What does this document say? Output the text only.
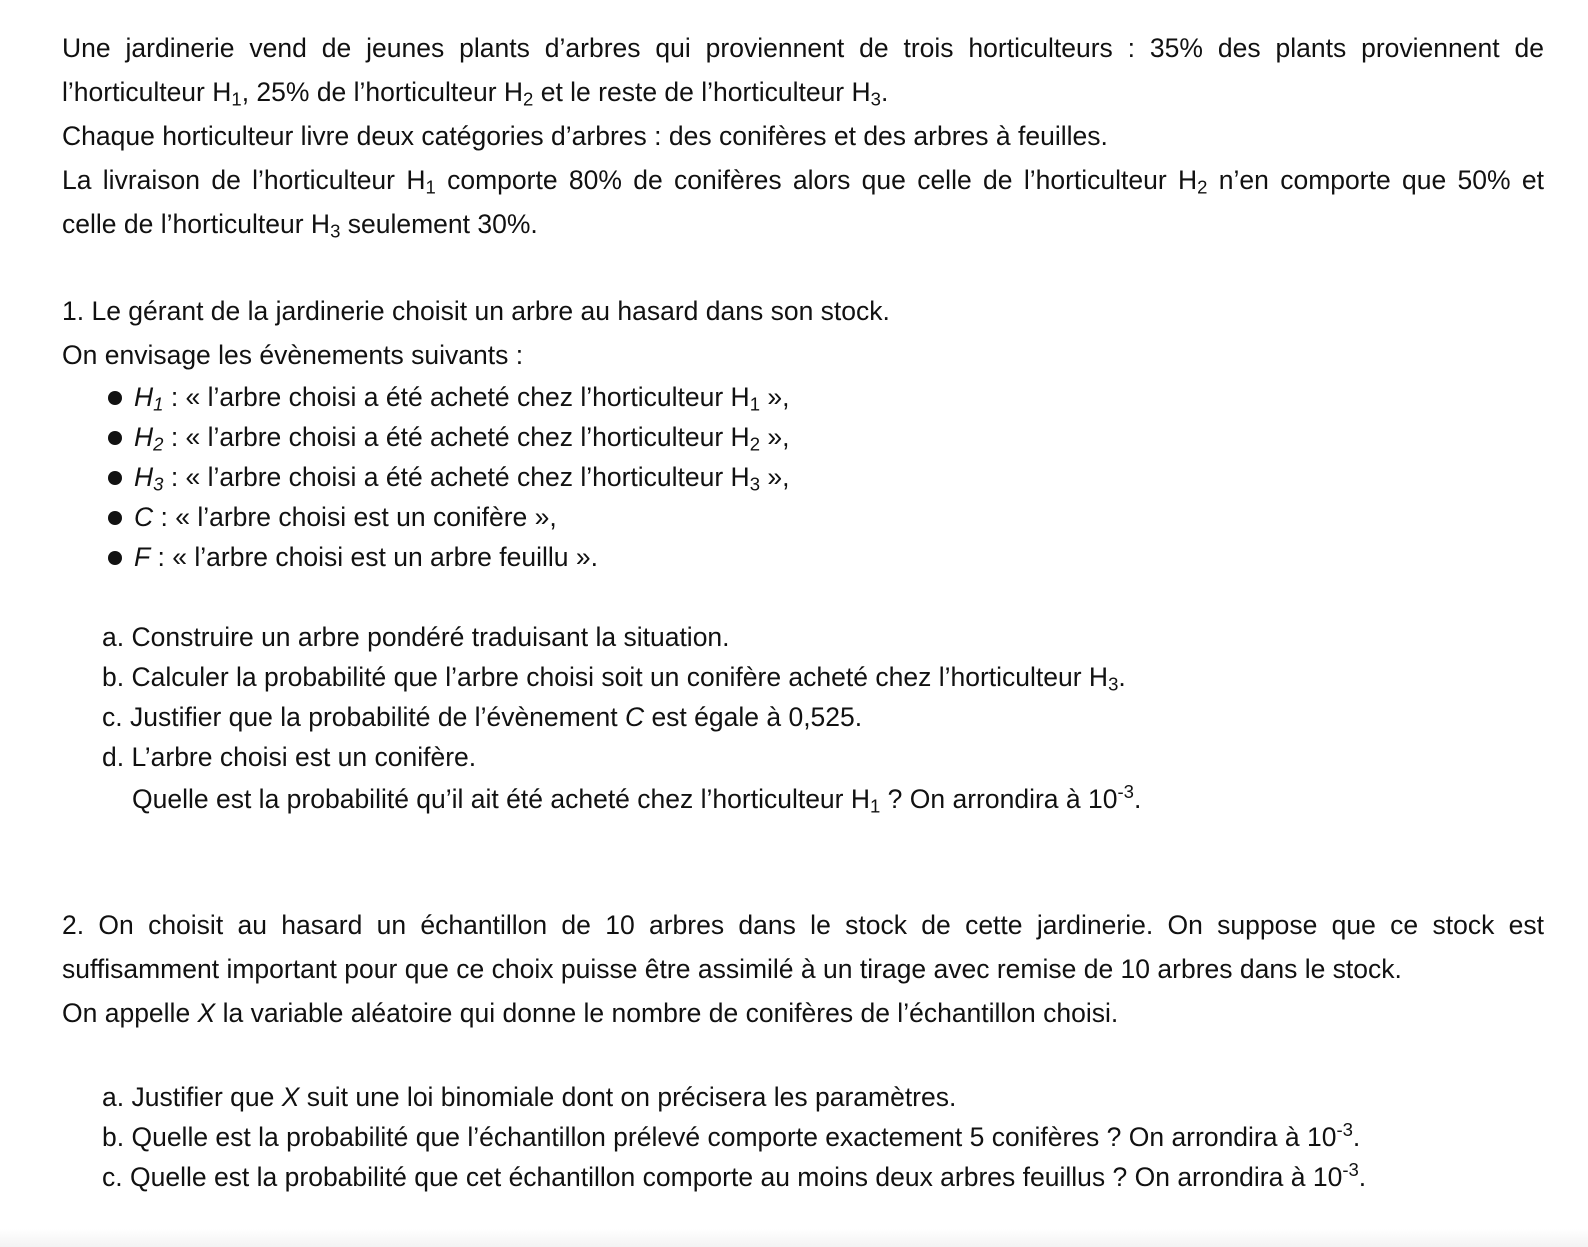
Une jardinerie vend de jeunes plants d’arbres qui proviennent de trois horticulteurs : 35% des plants proviennent de
l’horticulteur $H_1$, 25% de l’horticulteur $H_2$ et le reste de l’horticulteur $H_3$.
Chaque horticulteur livre deux catégories d’arbres : des conifères et des arbres à feuilles.
La livraison de l’horticulteur $H_1$ comporte 80% de conifères alors que celle de l’horticulteur $H_2$ n’en comporte que 50% et
celle de l’horticulteur $H_3$ seulement 30%.
1. Le gérant de la jardinerie choisit un arbre au hasard dans son stock.
On envisage les évènements suivants :
$H_1$ : « l’arbre choisi a été acheté chez l’horticulteur $H_1$ »,
$H_2$ : « l’arbre choisi a été acheté chez l’horticulteur $H_2$ »,
$H_3$ : « l’arbre choisi a été acheté chez l’horticulteur $H_3$ »,
C : « l’arbre choisi est un conifère »,
F : « l’arbre choisi est un arbre feuillu ».
a. Construire un arbre pondéré traduisant la situation.
b. Calculer la probabilité que l’arbre choisi soit un conifère acheté chez l’horticulteur $H_3$.
c. Justifier que la probabilité de l’évènement C est égale à 0,525.
d. L’arbre choisi est un conifère.
Quelle est la probabilité qu’il ait été acheté chez l’horticulteur $H_1$ ? On arrondira à $10^{-3}$.
2. On choisit au hasard un échantillon de 10 arbres dans le stock de cette jardinerie. On suppose que ce stock est
suffisamment important pour que ce choix puisse être assimilé à un tirage avec remise de 10 arbres dans le stock.
On appelle X la variable aléatoire qui donne le nombre de conifères de l’échantillon choisi.
a. Justifier que X suit une loi binomiale dont on précisera les paramètres.
b. Quelle est la probabilité que l’échantillon prélevé comporte exactement 5 conifères ? On arrondira à $10^{-3}$.
c. Quelle est la probabilité que cet échantillon comporte au moins deux arbres feuillus ? On arrondira à $10^{-3}$.
